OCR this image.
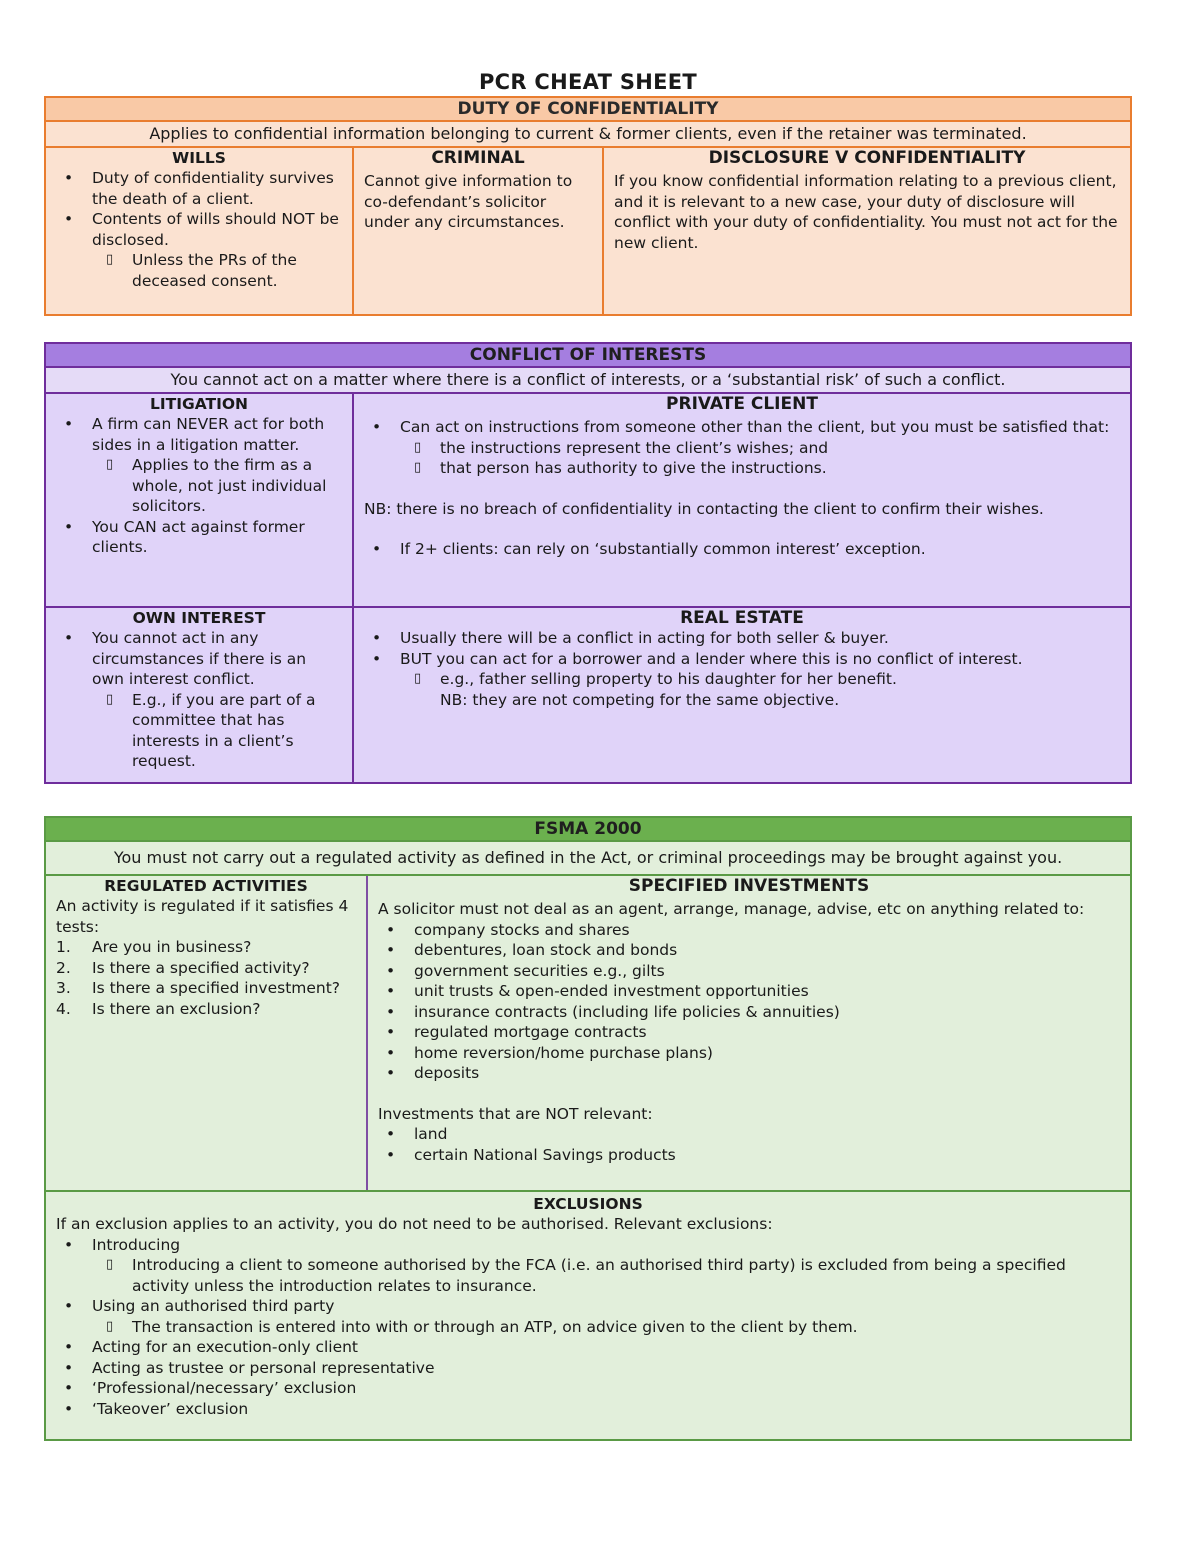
PCR CHEAT SHEET
DUTY OF CONFIDENTIALITY
Applies to confidential information belonging to current & former clients, even if the retainer was terminated.
WILLS
• Duty of confidentiality survives the death of a client.
• Contents of wills should NOT be disclosed.
▯ Unless the PRs of the deceased consent.
CRIMINAL

Cannot give information to co-defendant’s solicitor under any circumstances.

DISCLOSURE V CONFIDENTIALITY

If you know confidential information relating to a previous client, and it is relevant to a new case, your duty of disclosure will conflict with your duty of confidentiality. You must not act for the new client.

CONFLICT OF INTERESTS
You cannot act on a matter where there is a conflict of interests, or a ‘substantial risk’ of such a conflict.
LITIGATION
• A firm can NEVER act for both sides in a litigation matter.
▯ Applies to the firm as a whole, not just individual solicitors.
• You CAN act against former clients.
PRIVATE CLIENT
• Can act on instructions from someone other than the client, but you must be satisfied that:
▯ the instructions represent the client’s wishes; and
▯ that person has authority to give the instructions.

NB: there is no breach of confidentiality in contacting the client to confirm their wishes.

• If 2+ clients: can rely on ‘substantially common interest’ exception.
OWN INTEREST
• You cannot act in any circumstances if there is an own interest conflict.
▯ E.g., if you are part of a committee that has interests in a client’s request.
REAL ESTATE
• Usually there will be a conflict in acting for both seller & buyer.
• BUT you can act for a borrower and a lender where this is no conflict of interest.
▯ e.g., father selling property to his daughter for her benefit.
NB: they are not competing for the same objective.
FSMA 2000
You must not carry out a regulated activity as defined in the Act, or criminal proceedings may be brought against you.
REGULATED ACTIVITIES

An activity is regulated if it satisfies 4 tests:

1. Are you in business?
2. Is there a specified activity?
3. Is there a specified investment?
4. Is there an exclusion?
SPECIFIED INVESTMENTS

A solicitor must not deal as an agent, arrange, manage, advise, etc on anything related to:

• company stocks and shares
• debentures, loan stock and bonds
• government securities e.g., gilts
• unit trusts & open-ended investment opportunities
• insurance contracts (including life policies & annuities)
• regulated mortgage contracts
• home reversion/home purchase plans)
• deposits

Investments that are NOT relevant:

• land
• certain National Savings products
EXCLUSIONS

If an exclusion applies to an activity, you do not need to be authorised. Relevant exclusions:

• Introducing
▯ Introducing a client to someone authorised by the FCA (i.e. an authorised third party) is excluded from being a specified activity unless the introduction relates to insurance.
• Using an authorised third party
▯ The transaction is entered into with or through an ATP, on advice given to the client by them.
• Acting for an execution-only client
• Acting as trustee or personal representative
• ‘Professional/necessary’ exclusion
• ‘Takeover’ exclusion
